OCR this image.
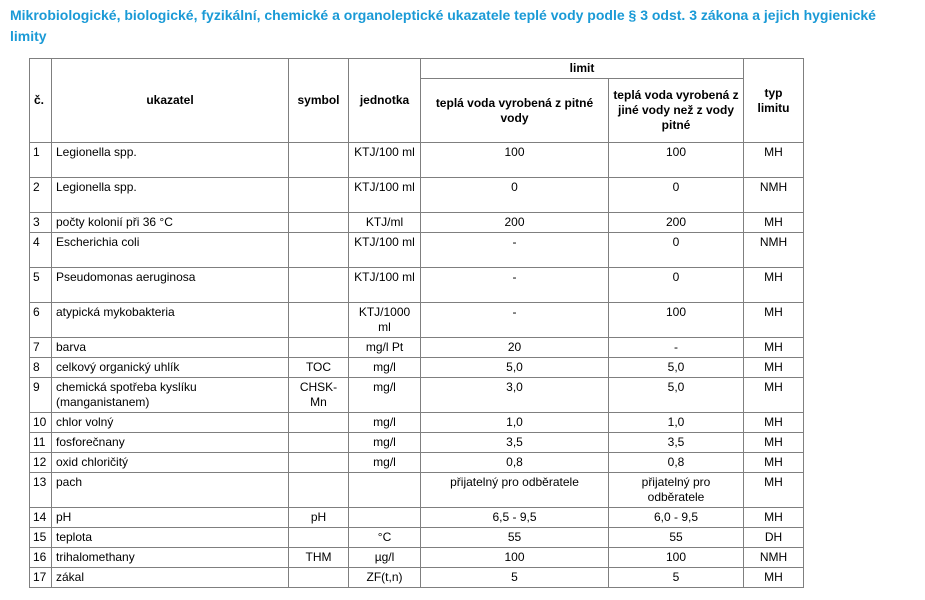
Mikrobiologické, biologické, fyzikální, chemické a organoleptické ukazatele teplé vody podle § 3 odst. 3 zákona a jejich hygienické limity
č.	ukazatel	symbol	jednotka	limit		typ limitu
				teplá voda vyrobená z pitné vody	teplá voda vyrobená z jiné vody než z vody pitné	
1	Legionella spp.		KTJ/100 ml	100	100	MH
2	Legionella spp.		KTJ/100 ml	0	0	NMH
3	počty kolonií při 36 °C		KTJ/ml	200	200	MH
4	Escherichia coli		KTJ/100 ml	-	0	NMH
5	Pseudomonas aeruginosa		KTJ/100 ml	-	0	MH
6	atypická mykobakteria		KTJ/1000 ml	-	100	MH
7	barva		mg/l Pt	20	-	MH
8	celkový organický uhlík	TOC	mg/l	5,0	5,0	MH
9	chemická spotřeba kyslíku (manganistanem)	CHSK-Mn	mg/l	3,0	5,0	MH
10	chlor volný		mg/l	1,0	1,0	MH
11	fosforečnany		mg/l	3,5	3,5	MH
12	oxid chloričitý		mg/l	0,8	0,8	MH
13	pach			přijatelný pro odběratele	přijatelný pro odběratele	MH
14	pH	pH		6,5 - 9,5	6,0 - 9,5	MH
15	teplota		°C	55	55	DH
16	trihalomethany	THM	µg/l	100	100	NMH
17	zákal		ZF(t,n)	5	5	MH
